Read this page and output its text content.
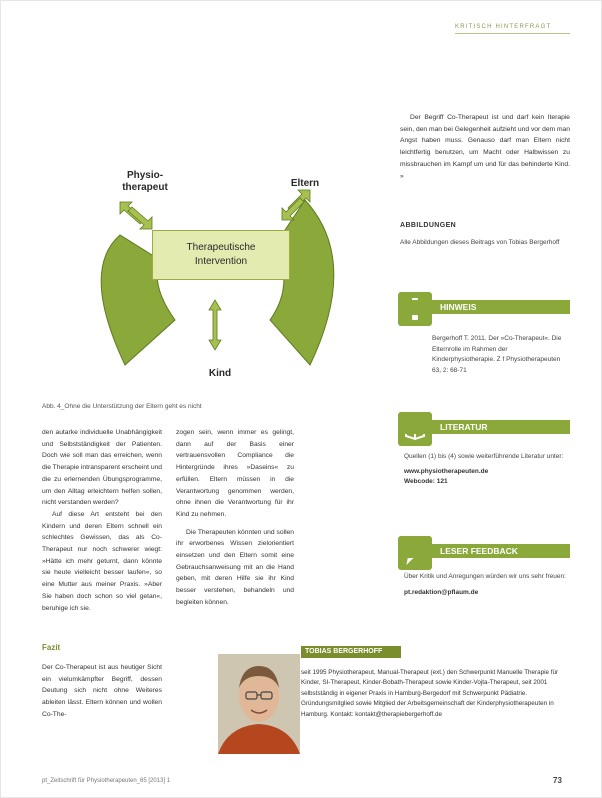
KRITISCH HINTERFRAGT
Physio-
therapeut	Eltern
Kind
Therapeutische
Intervention
Abb. 4_Ohne die Unterstützung der Eltern geht es nicht

den autarke individuelle Unabhängigkeit und Selbstständigkeit der Patienten. Doch wie soll man das erreichen, wenn die Therapie intransparent erscheint und die zu erlernenden Übungsprogramme, um den Alltag erleichtern helfen sollen, nicht verstanden werden?

Auf diese Art entsteht bei den Kindern und deren Eltern schnell ein schlechtes Gewissen, das als Co-Therapeut nur noch schwerer wiegt: »Hätte ich mehr geturnt, dann könnte sie heute vielleicht besser laufen«, so eine Mutter aus meiner Praxis. »Aber Sie haben doch schon so viel getan«, beruhige ich sie.

zogen sein, wenn immer es gelingt, dann auf der Basis einer vertrauensvollen Compliance die Hintergründe ihres »Daseins« zu erfüllen. Eltern müssen in die Verantwortung genommen werden, ohne ihnen die Verantwortung für ihr Kind zu nehmen.

Die Therapeuten könnten und sollen ihr erworbenes Wissen zielorientiert einsetzen und den Eltern somit eine Gebrauchsanweisung mit an die Hand geben, mit deren Hilfe sie ihr Kind besser verstehen, behandeln und begleiten können.

Der Begriff Co-Therapeut ist und darf kein Iterapie sein, den man bei Gelegenheit aufzieht und vor dem man Angst haben muss. Genauso darf man Eltern nicht leichtfertig benutzen, um Macht oder Halbwissen zu missbrauchen im Kampf um und für das behinderte Kind. »

ABBILDUNGEN
Alle Abbildungen dieses Beitrags von Tobias Bergerhoff
HINWEIS
Bergerhoff T. 2011. Der »Co-Therapeut«. Die Elternrolle im Rahmen der Kinderphysiotherapie. Z f Physiotherapeuten 63, 2: 68-71
LITERATUR
Quellen (1) bis (4) sowie weiterführende Literatur unter:
www.physiotherapeuten.de
Webcode: 121
LESER FEEDBACK
Über Kritik und Anregungen würden wir uns sehr freuen:
pt.redaktion@pflaum.de
Fazit
Der Co-Therapeut ist aus heutiger Sicht ein vielumkämpfter Begriff, dessen Deutung sich nicht ohne Weiteres ableiten lässt. Eltern können und wollen Co-The-
TOBIAS BERGERHOFF
seit 1995 Physiotherapeut, Manual-Therapeut (ext.) den Schwerpunkt Manuelle Therapie für Kinder, SI-Therapeut, Kinder-Bobath-Therapeut sowie Kinder-Vojta-Therapeut, seit 2001 selbstständig in eigener Praxis in Hamburg-Bergedorf mit Schwerpunkt Pädiatrie. Gründungsmitglied sowie Mitglied der Arbeitsgemeinschaft der Kinderphysiotherapeuten in Hamburg. Kontakt: kontakt@therapiebergerhoff.de
pt_Zeitschrift für Physiotherapeuten_65 [2013] 1	73
